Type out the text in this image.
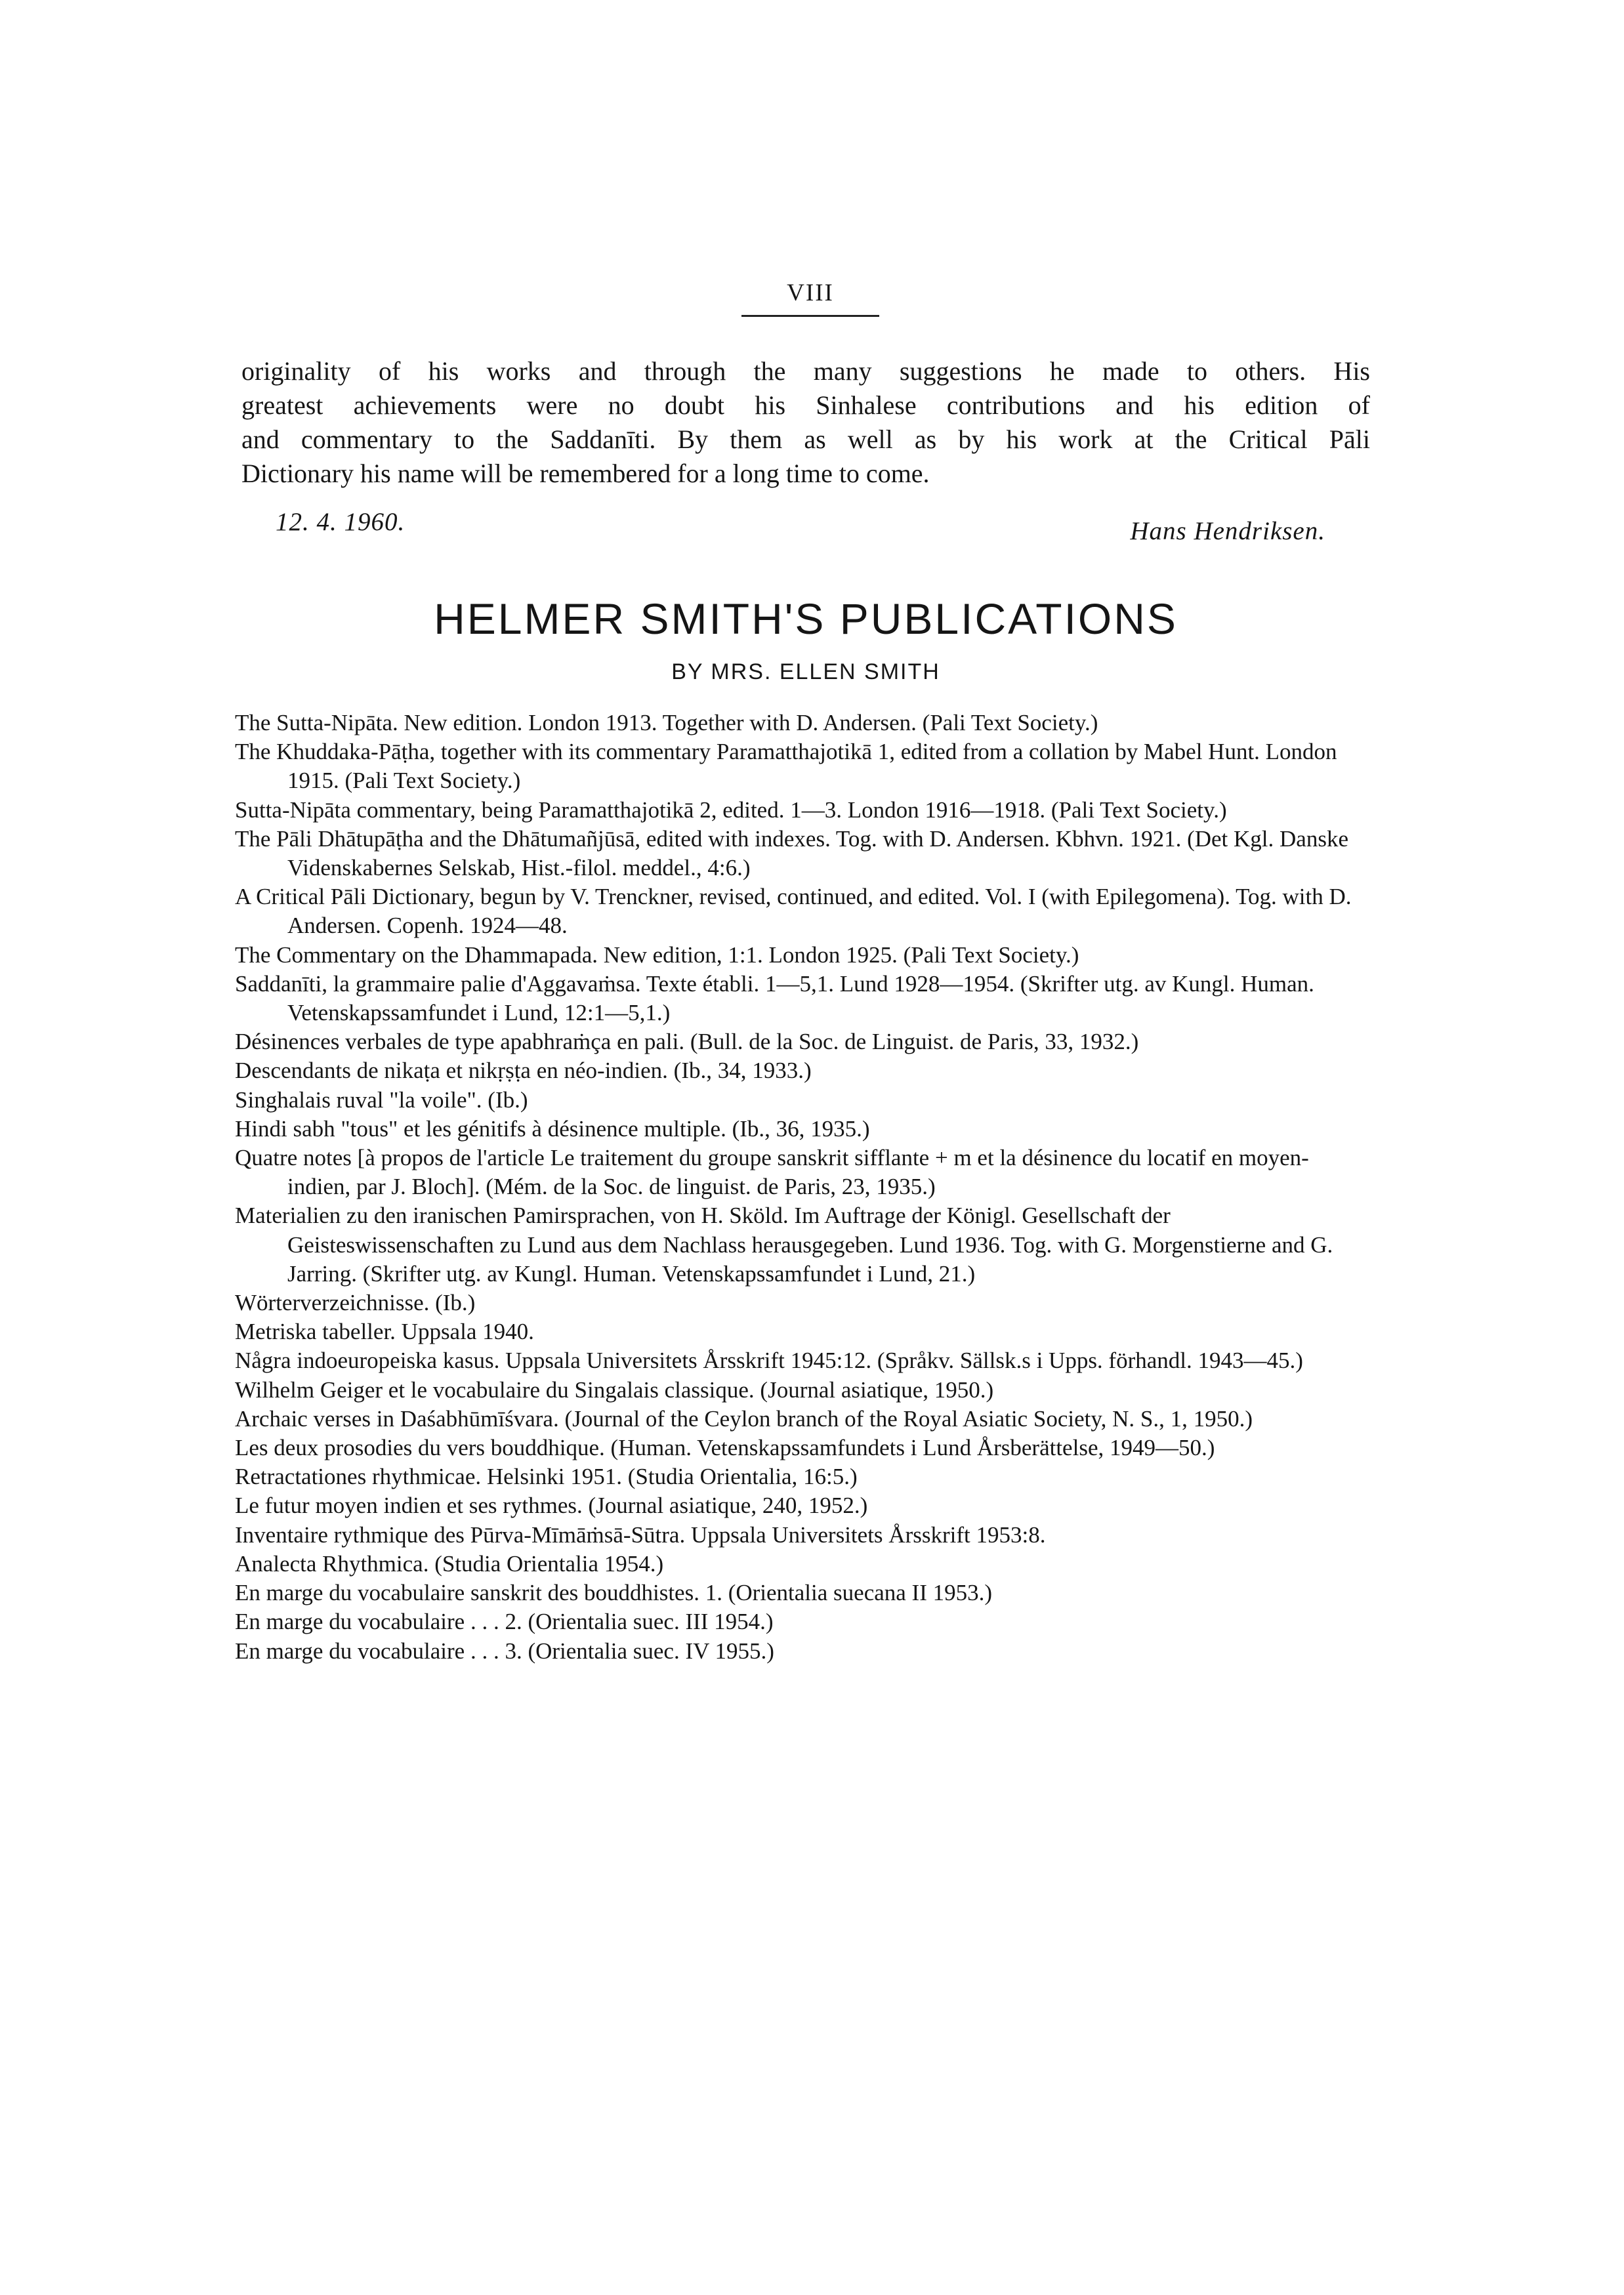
VIII

originality of his works and through the many suggestions he made to others. His
greatest achievements were no doubt his Sinhalese contributions and his edition of
and commentary to the Saddanīti. By them as well as by his work at the Critical Pāli
Dictionary his name will be remembered for a long time to come.

12. 4. 1960.	Hans Hendriksen.
HELMER SMITH'S PUBLICATIONS
BY MRS. ELLEN SMITH
The Sutta-Nipāta. New edition. London 1913. Together with D. Andersen. (Pali Text Society.)
The Khuddaka-Pāṭha, together with its commentary Paramatthajotikā 1, edited from a collation by Mabel Hunt. London 1915. (Pali Text Society.)
Sutta-Nipāta commentary, being Paramatthajotikā 2, edited. 1—3. London 1916—1918. (Pali Text Society.)
The Pāli Dhātupāṭha and the Dhātumañjūsā, edited with indexes. Tog. with D. Andersen. Kbhvn. 1921. (Det Kgl. Danske Videnskabernes Selskab, Hist.-filol. meddel., 4:6.)
A Critical Pāli Dictionary, begun by V. Trenckner, revised, continued, and edited. Vol. I (with Epilegomena). Tog. with D. Andersen. Copenh. 1924—48.
The Commentary on the Dhammapada. New edition, 1:1. London 1925. (Pali Text Society.)
Saddanīti, la grammaire palie d'Aggavaṁsa. Texte établi. 1—5,1. Lund 1928—1954. (Skrifter utg. av Kungl. Human. Vetenskapssamfundet i Lund, 12:1—5,1.)
Désinences verbales de type apabhraṁça en pali. (Bull. de la Soc. de Linguist. de Paris, 33, 1932.)
Descendants de nikaṭa et nikṛṣṭa en néo-indien. (Ib., 34, 1933.)
Singhalais ruval "la voile". (Ib.)
Hindi sabh "tous" et les génitifs à désinence multiple. (Ib., 36, 1935.)
Quatre notes [à propos de l'article Le traitement du groupe sanskrit sifflante + m et la désinence du locatif en moyen-indien, par J. Bloch]. (Mém. de la Soc. de linguist. de Paris, 23, 1935.)
Materialien zu den iranischen Pamirsprachen, von H. Sköld. Im Auftrage der Königl. Gesellschaft der Geisteswissenschaften zu Lund aus dem Nachlass herausgegeben. Lund 1936. Tog. with G. Morgenstierne and G. Jarring. (Skrifter utg. av Kungl. Human. Vetenskapssamfundet i Lund, 21.)
Wörterverzeichnisse. (Ib.)
Metriska tabeller. Uppsala 1940.
Några indoeuropeiska kasus. Uppsala Universitets Årsskrift 1945:12. (Språkv. Sällsk.s i Upps. förhandl. 1943—45.)
Wilhelm Geiger et le vocabulaire du Singalais classique. (Journal asiatique, 1950.)
Archaic verses in Daśabhūmīśvara. (Journal of the Ceylon branch of the Royal Asiatic Society, N. S., 1, 1950.)
Les deux prosodies du vers bouddhique. (Human. Vetenskapssamfundets i Lund Årsberättelse, 1949—50.)
Retractationes rhythmicae. Helsinki 1951. (Studia Orientalia, 16:5.)
Le futur moyen indien et ses rythmes. (Journal asiatique, 240, 1952.)
Inventaire rythmique des Pūrva-Mīmāṁsā-Sūtra. Uppsala Universitets Årsskrift 1953:8.
Analecta Rhythmica. (Studia Orientalia 1954.)
En marge du vocabulaire sanskrit des bouddhistes. 1. (Orientalia suecana II 1953.)
En marge du vocabulaire . . . 2. (Orientalia suec. III 1954.)
En marge du vocabulaire . . . 3. (Orientalia suec. IV 1955.)
